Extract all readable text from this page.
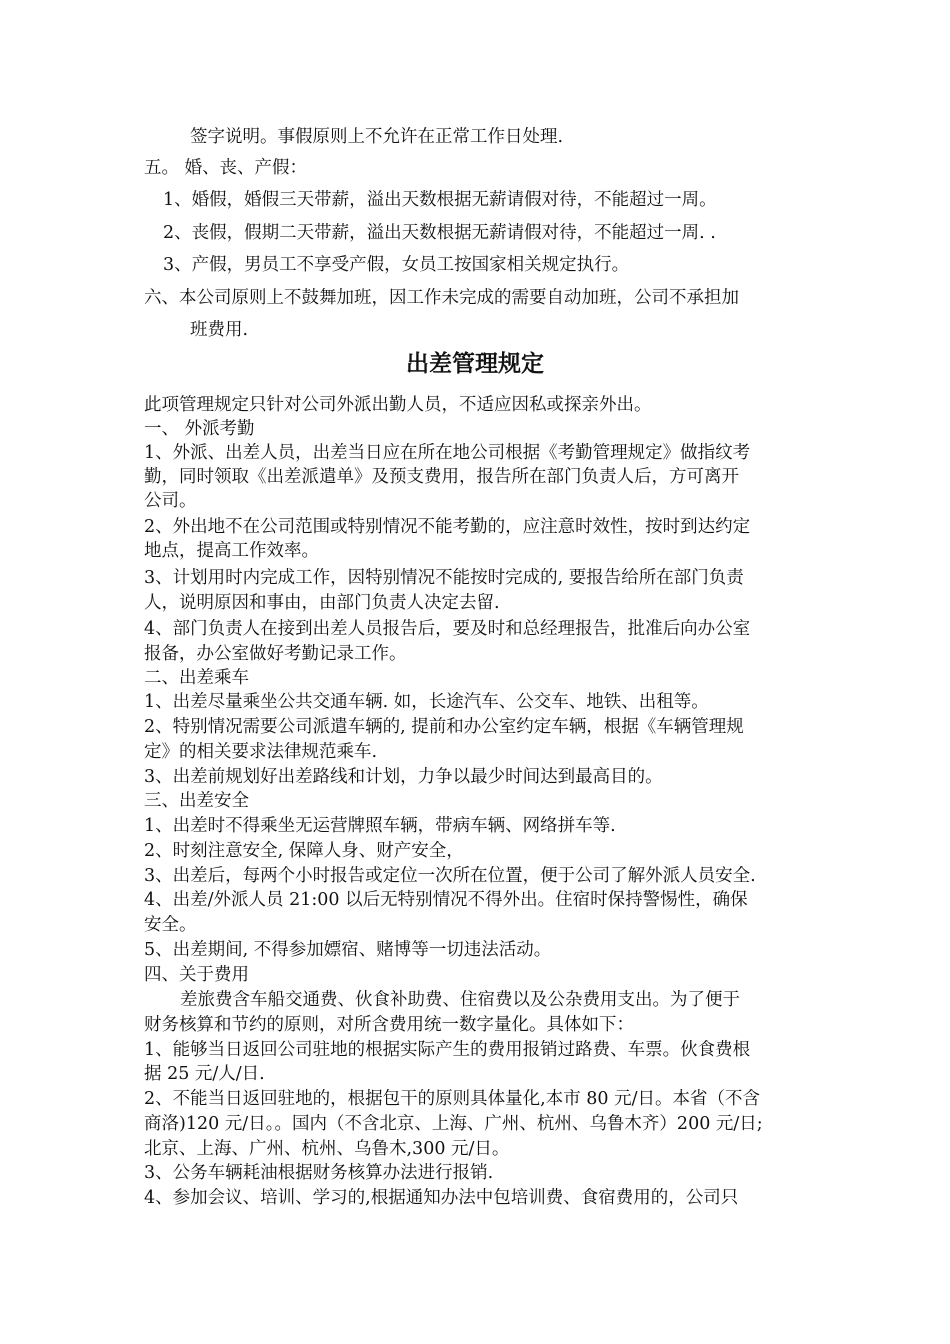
签字说明。事假原则上不允许在正常工作日处理.

五。 婚、丧、产假：

1、婚假，婚假三天带薪，溢出天数根据无薪请假对待，不能超过一周。

2、丧假，假期二天带薪，溢出天数根据无薪请假对待，不能超过一周. .

3、产假，男员工不享受产假，女员工按国家相关规定执行。

六、本公司原则上不鼓舞加班，因工作未完成的需要自动加班，公司不承担加

班费用.

出差管理规定

此项管理规定只针对公司外派出勤人员，不适应因私或探亲外出。

一、 外派考勤

1、外派、出差人员，出差当日应在所在地公司根据《考勤管理规定》做指纹考

勤，同时领取《出差派遣单》及预支费用，报告所在部门负责人后，方可离开

公司。

2、外出地不在公司范围或特别情况不能考勤的，应注意时效性，按时到达约定

地点，提高工作效率。

3、计划用时内完成工作，因特别情况不能按时完成的, 要报告给所在部门负责

人，说明原因和事由，由部门负责人决定去留.

4、部门负责人在接到出差人员报告后，要及时和总经理报告，批准后向办公室

报备，办公室做好考勤记录工作。

二、出差乘车

1、出差尽量乘坐公共交通车辆. 如，长途汽车、公交车、地铁、出租等。

2、特别情况需要公司派遣车辆的, 提前和办公室约定车辆，根据《车辆管理规

定》的相关要求法律规范乘车.

3、出差前规划好出差路线和计划，力争以最少时间达到最高目的。

三、出差安全

1、出差时不得乘坐无运营牌照车辆，带病车辆、网络拼车等.

2、时刻注意安全, 保障人身、财产安全，

3、出差后，每两个小时报告或定位一次所在位置，便于公司了解外派人员安全.

4、出差/外派人员 21:00 以后无特别情况不得外出。住宿时保持警惕性，确保

安全。

5、出差期间, 不得参加嫖宿、赌博等一切违法活动。

四、关于费用

差旅费含车船交通费、伙食补助费、住宿费以及公杂费用支出。为了便于

财务核算和节约的原则，对所含费用统一数字量化。具体如下：

1、能够当日返回公司驻地的根据实际产生的费用报销过路费、车票。伙食费根

据 25 元/人/日.

2、不能当日返回驻地的，根据包干的原则具体量化,本市 80 元/日。本省（不含

商洛)120 元/日。。国内（不含北京、上海、广州、杭州、乌鲁木齐）200 元/日;

北京、上海、广州、杭州、乌鲁木,300 元/日。

3、公务车辆耗油根据财务核算办法进行报销.

4、参加会议、培训、学习的,根据通知办法中包培训费、食宿费用的，公司只
